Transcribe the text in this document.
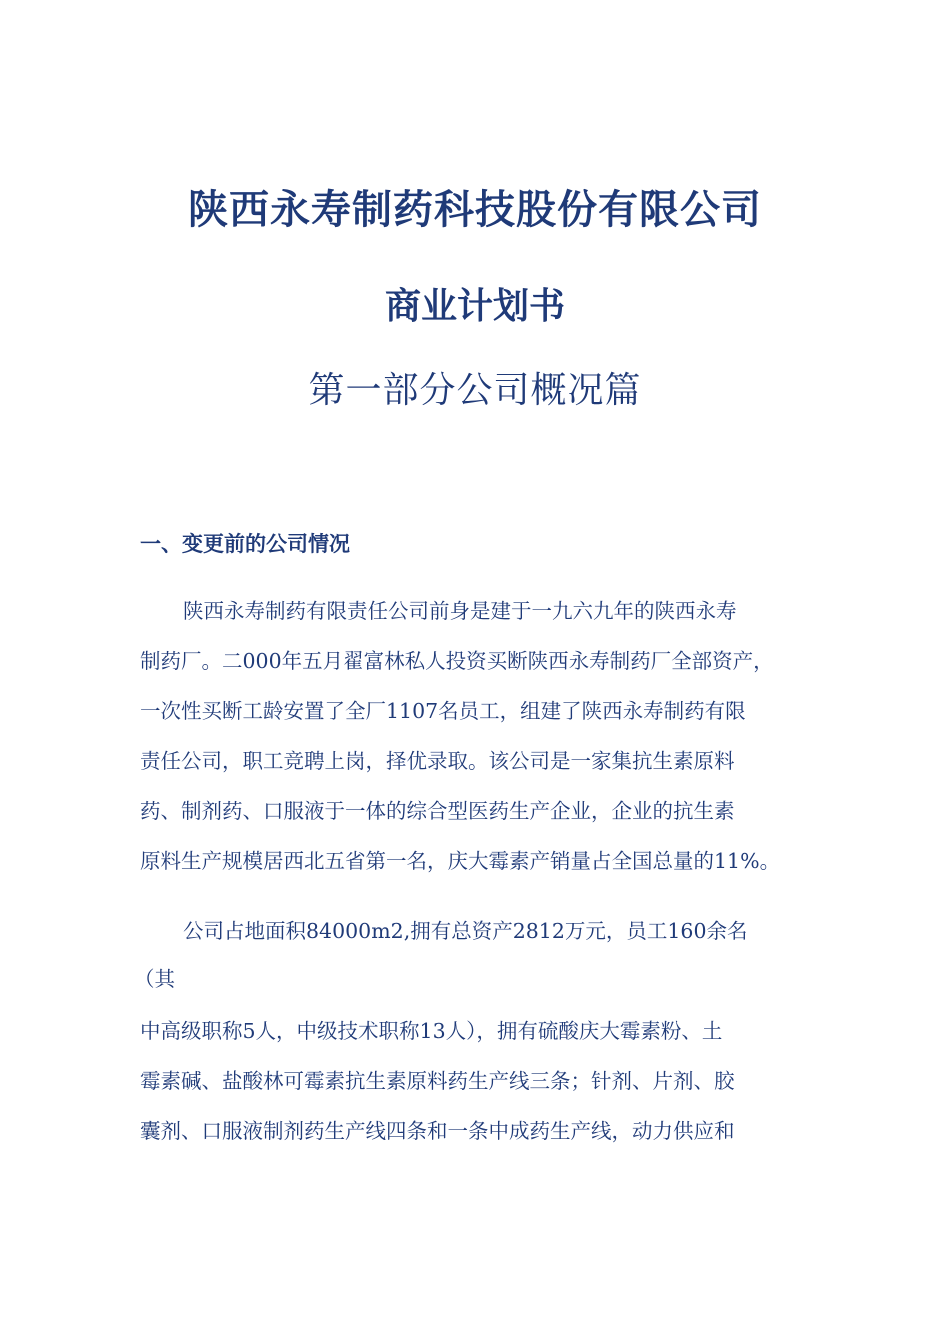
陕西永寿制药科技股份有限公司
商业计划书
第一部分公司概况篇
一、变更前的公司情况
陕西永寿制药有限责任公司前身是建于一九六九年的陕西永寿
制药厂。二000年五月翟富林私人投资买断陕西永寿制药厂全部资产，
一次性买断工龄安置了全厂1107名员工，组建了陕西永寿制药有限
责任公司，职工竞聘上岗，择优录取。该公司是一家集抗生素原料
药、制剂药、口服液于一体的综合型医药生产企业，企业的抗生素
原料生产规模居西北五省第一名，庆大霉素产销量占全国总量的11%。
公司占地面积84000m2,拥有总资产2812万元，员工160余名
（其
中高级职称5人，中级技术职称13人），拥有硫酸庆大霉素粉、土
霉素碱、盐酸林可霉素抗生素原料药生产线三条；针剂、片剂、胶
囊剂、口服液制剂药生产线四条和一条中成药生产线，动力供应和
